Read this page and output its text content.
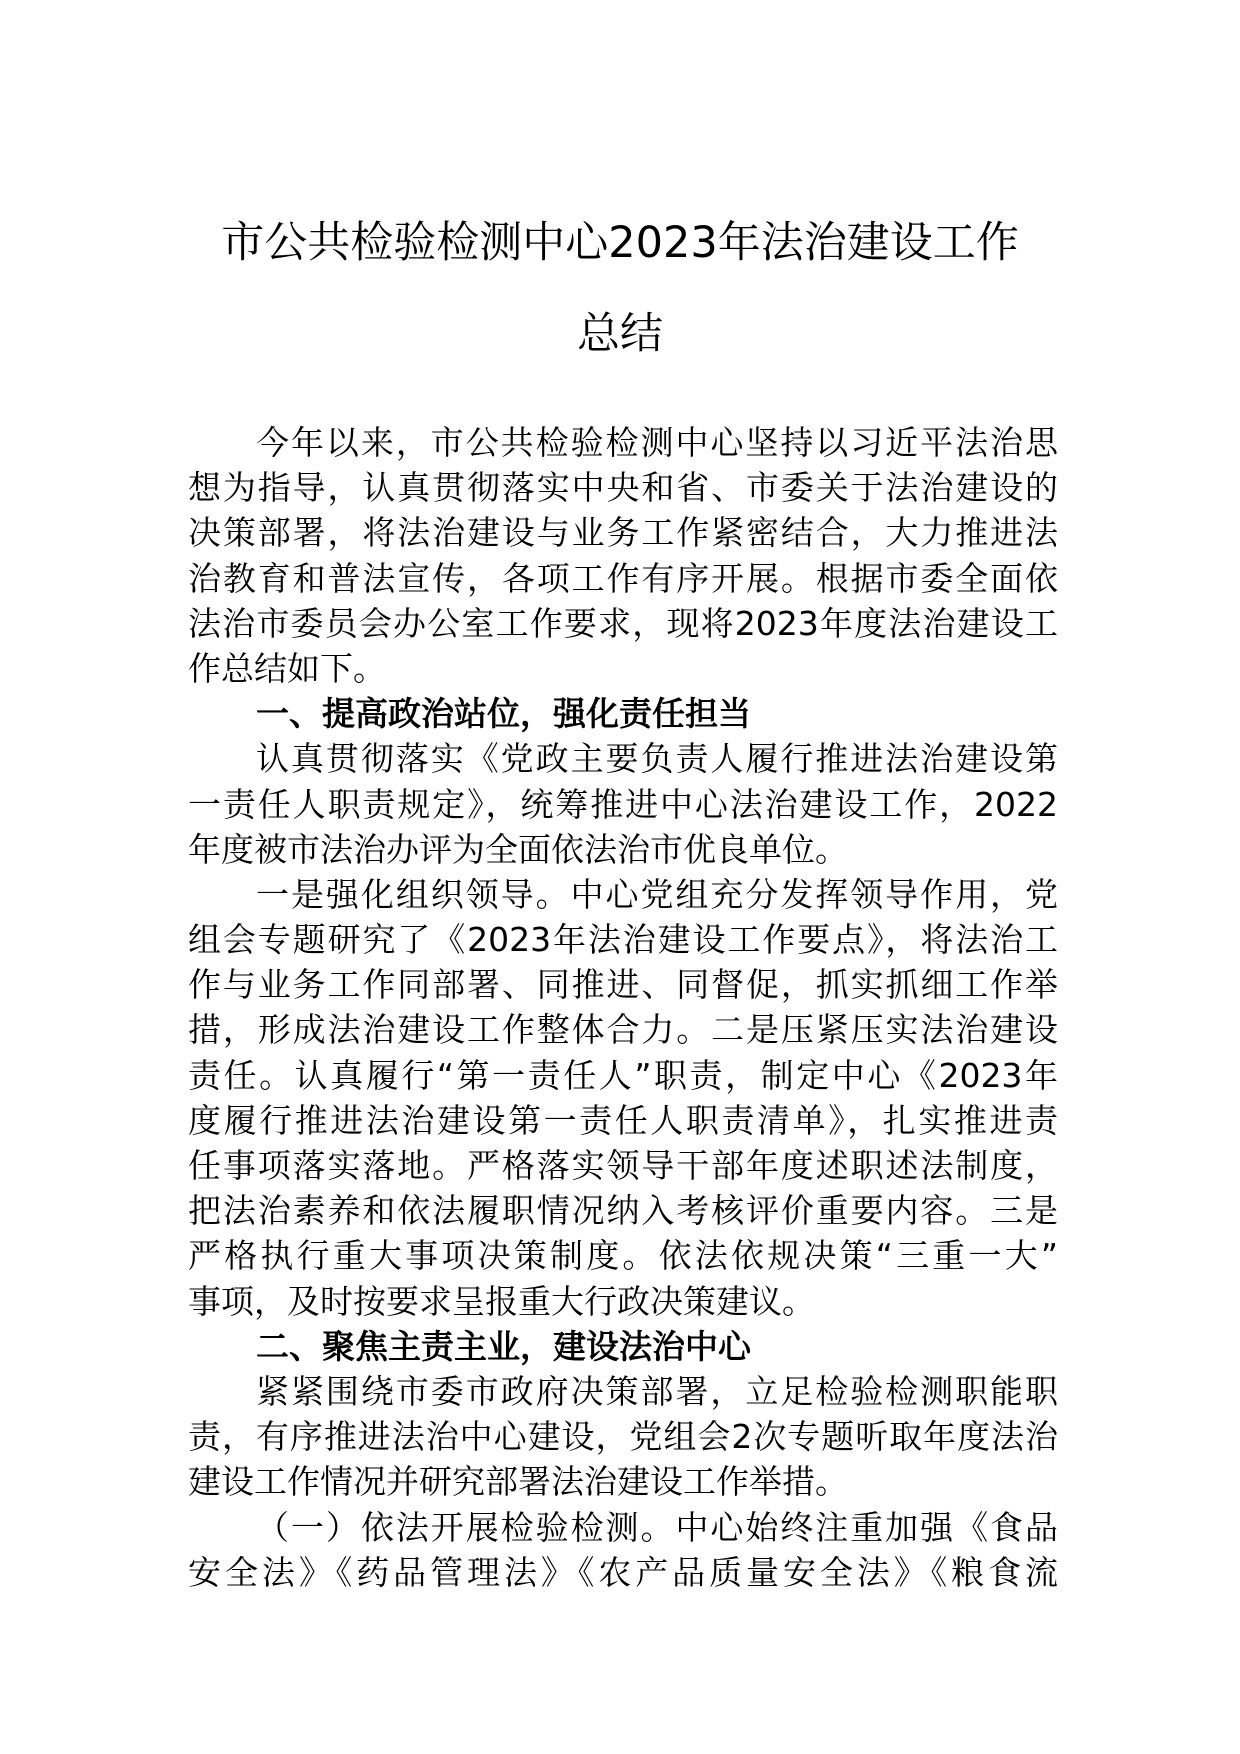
市公共检验检测中心2023年法治建设工作
总结
今年以来，市公共检验检测中心坚持以习近平法治思
想为指导，认真贯彻落实中央和省、市委关于法治建设的
决策部署，将法治建设与业务工作紧密结合，大力推进法
治教育和普法宣传，各项工作有序开展。根据市委全面依
法治市委员会办公室工作要求，现将2023年度法治建设工
作总结如下。
一、提高政治站位，强化责任担当
认真贯彻落实《党政主要负责人履行推进法治建设第
一责任人职责规定》，统筹推进中心法治建设工作，2022
年度被市法治办评为全面依法治市优良单位。
一是强化组织领导。中心党组充分发挥领导作用，党
组会专题研究了《2023年法治建设工作要点》，将法治工
作与业务工作同部署、同推进、同督促，抓实抓细工作举
措，形成法治建设工作整体合力。二是压紧压实法治建设
责任。认真履行“第一责任人”职责，制定中心《2023年
度履行推进法治建设第一责任人职责清单》，扎实推进责
任事项落实落地。严格落实领导干部年度述职述法制度，
把法治素养和依法履职情况纳入考核评价重要内容。三是
严格执行重大事项决策制度。依法依规决策“三重一大”
事项，及时按要求呈报重大行政决策建议。
二、聚焦主责主业，建设法治中心
紧紧围绕市委市政府决策部署，立足检验检测职能职
责，有序推进法治中心建设，党组会2次专题听取年度法治
建设工作情况并研究部署法治建设工作举措。
（一）依法开展检验检测。中心始终注重加强《食品
安全法》《药品管理法》《农产品质量安全法》《粮食流
